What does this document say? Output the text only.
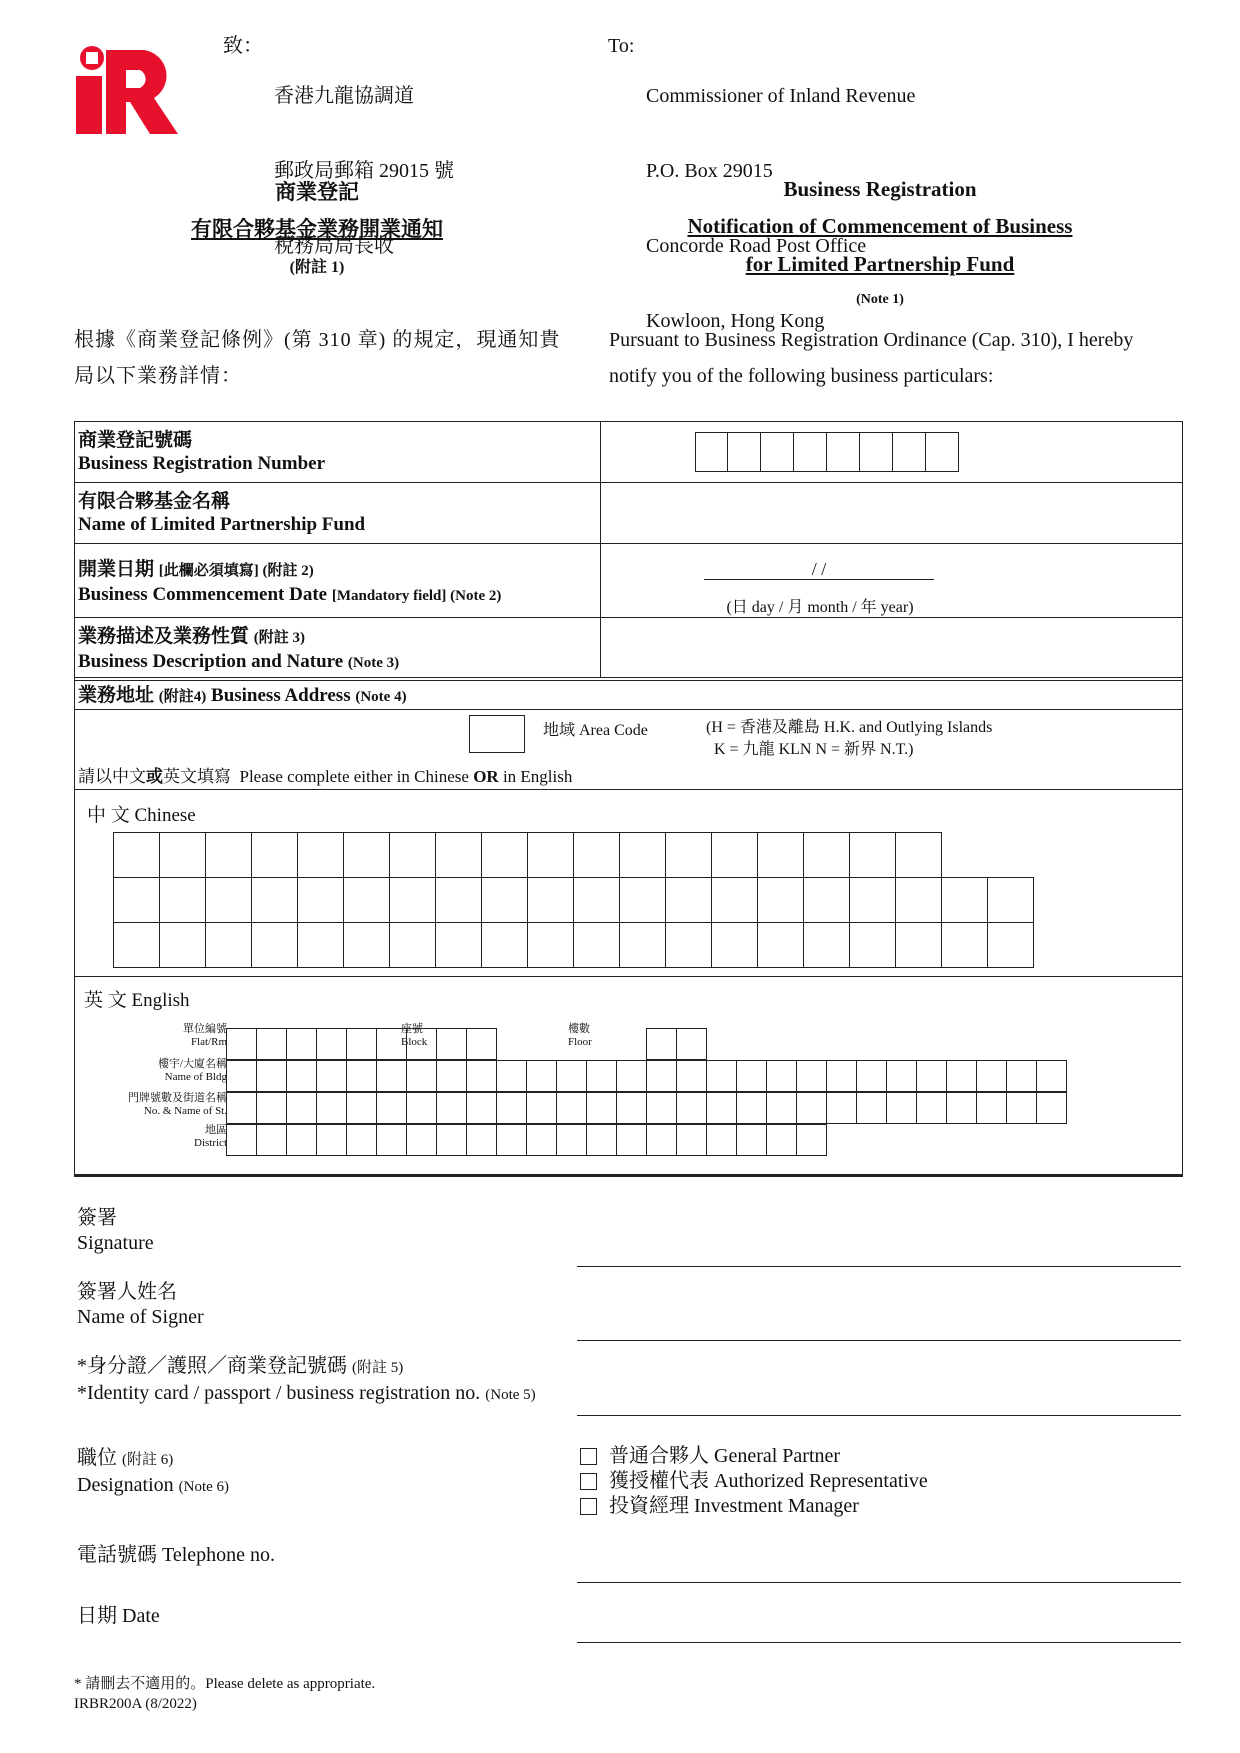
致：

香港九龍協調道

郵政局郵箱 29015 號

稅務局局長收

To:

Commissioner of Inland Revenue

P.O. Box 29015

Concorde Road Post Office

Kowloon, Hong Kong

商業登記
有限合夥基金業務開業通知
(附註 1)
Business Registration
Notification of Commencement of Business
for Limited Partnership Fund
(Note 1)
根據《商業登記條例》(第 310 章) 的規定，現通知貴局以下業務詳情：
Pursuant to Business Registration Ordinance (Cap. 310), I hereby notify you of the following business particulars:
商業登記號碼
Business Registration Number
有限合夥基金名稱
Name of Limited Partnership Fund
開業日期 [此欄必須填寫] (附註 2)
Business Commencement Date [Mandatory field] (Note 2)
/ /
(日 day / 月 month / 年 year)
業務描述及業務性質 (附註 3)
Business Description and Nature (Note 3)
業務地址 (附註4) Business Address (Note 4)
地域 Area Code	(H = 香港及離島 H.K. and Outlying Islands
K = 九龍 KLN N = 新界 N.T.)
請以中文或英文填寫 Please complete either in Chinese OR in English
中 文 Chinese
英 文 English
單位編號
Flat/Rm
樓宇/大廈名稱
Name of Bldg
門牌號數及街道名稱
No. & Name of St.
地區
District
座號
Block
樓數
Floor
簽署
Signature
簽署人姓名
Name of Signer
*身分證／護照／商業登記號碼 (附註 5)
*Identity card / passport / business registration no. (Note 5)
職位 (附註 6)
Designation (Note 6)
普通合夥人 General Partner
獲授權代表 Authorized Representative
投資經理 Investment Manager
電話號碼 Telephone no.
日期 Date
* 請刪去不適用的。Please delete as appropriate.
IRBR200A (8/2022)
